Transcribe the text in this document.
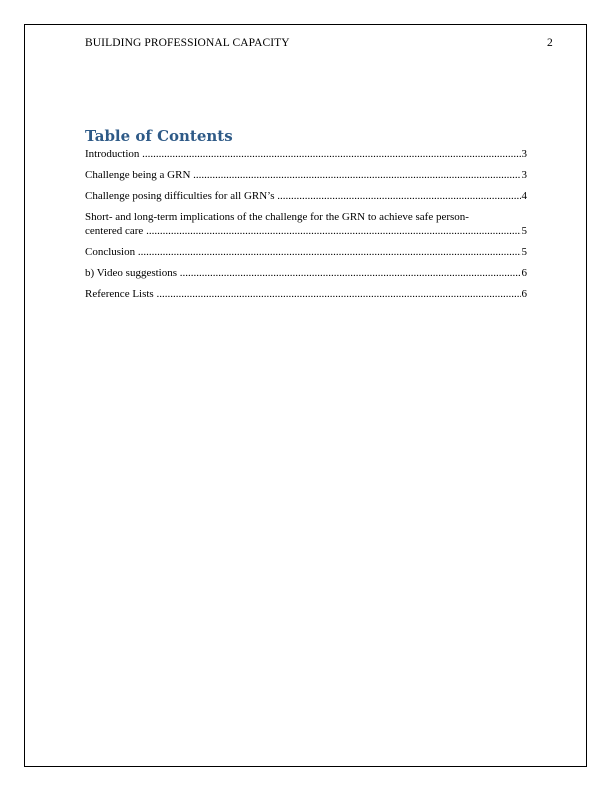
BUILDING PROFESSIONAL CAPACITY	2
Table of Contents
Introduction .....	3
Challenge being a GRN .....	3
Challenge posing difficulties for all GRN’s .....	4
Short- and long-term implications of the challenge for the GRN to achieve safe person-
centered care .....	5
Conclusion .....	5
b) Video suggestions .....	6
Reference Lists .....	6
